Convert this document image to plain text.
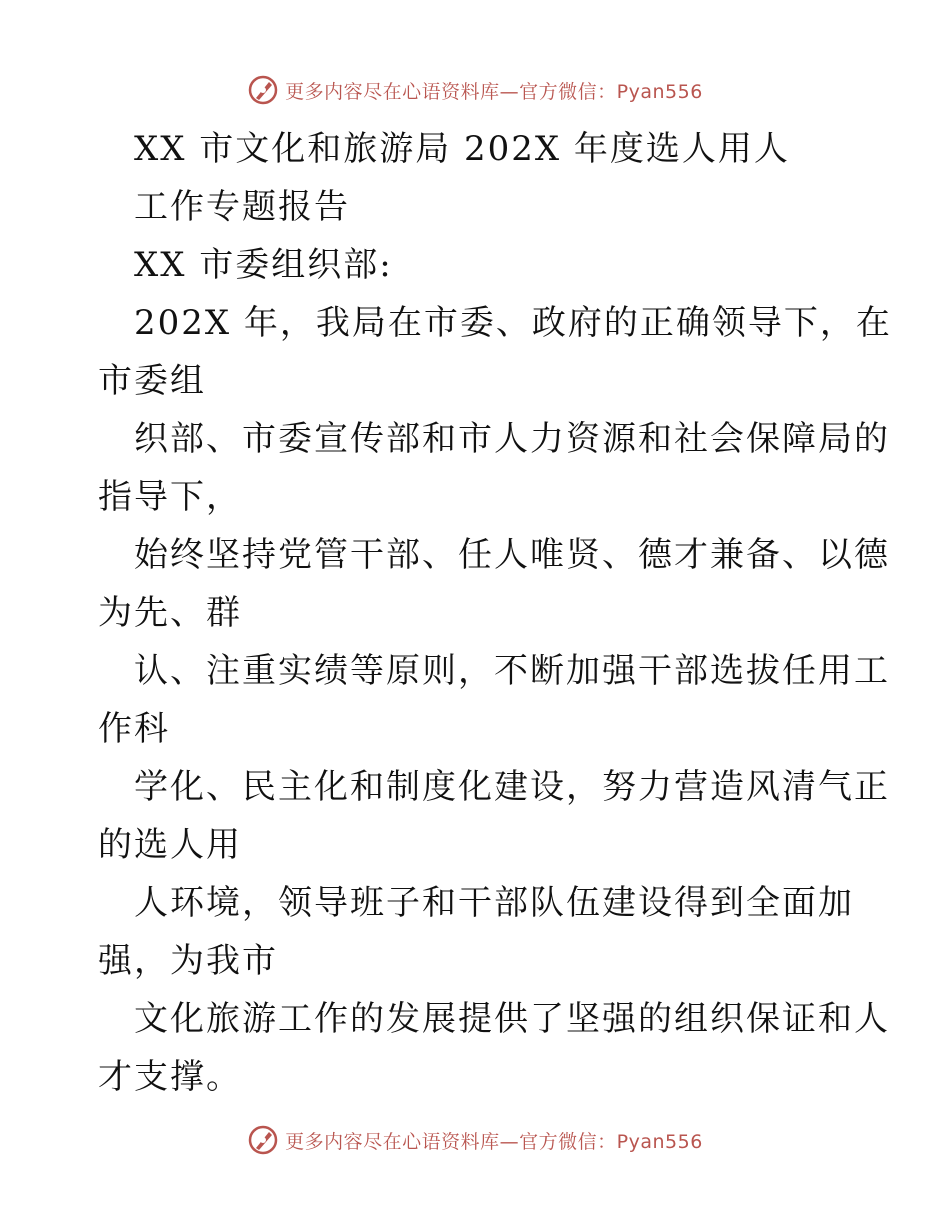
更多内容尽在心语资料库—官方微信：Pyan556
XX 市文化和旅游局 202X 年度选人用人
工作专题报告
XX 市委组织部:
202X 年，我局在市委、政府的正确领导下，在
市委组
织部、市委宣传部和市人力资源和社会保障局的
指导下，
始终坚持党管干部、任人唯贤、德才兼备、以德
为先、群
认、注重实绩等原则，不断加强干部选拔任用工
作科
学化、民主化和制度化建设，努力营造风清气正
的选人用
人环境，领导班子和干部队伍建设得到全面加
强，为我市
文化旅游工作的发展提供了坚强的组织保证和人
才支撑。
更多内容尽在心语资料库—官方微信：Pyan556
